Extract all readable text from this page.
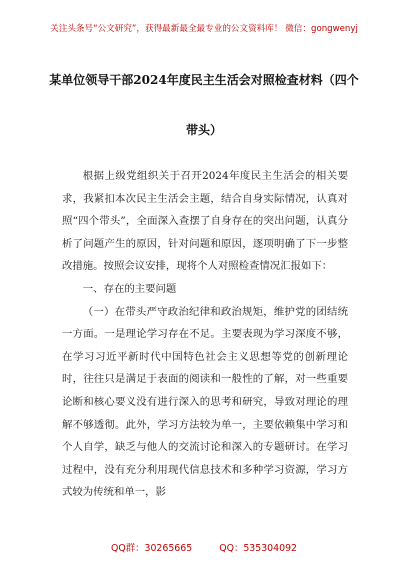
关注头条号“公文研究”，获得最新最全最专业的公文资料库！ 微信：gongwenyj
某单位领导干部2024年度民主生活会对照检查材料（四个
带头）

根据上级党组织关于召开2024年度民主生活会的相关要求，我紧扣本次民主生活会主题，结合自身实际情况，认真对照“四个带头”，全面深入查摆了自身存在的突出问题，认真分析了问题产生的原因，针对问题和原因，逐项明确了下一步整改措施。按照会议安排，现将个人对照检查情况汇报如下：

一、存在的主要问题

（一）在带头严守政治纪律和政治规矩，维护党的团结统一方面。一是理论学习存在不足。主要表现为学习深度不够，在学习习近平新时代中国特色社会主义思想等党的创新理论时，往往只是满足于表面的阅读和一般性的了解，对一些重要论断和核心要义没有进行深入的思考和研究，导致对理论的理解不够透彻。此外，学习方法较为单一，主要依赖集中学习和个人自学，缺乏与他人的交流讨论和深入的专题研讨。在学习过程中，没有充分利用现代信息技术和多种学习资源，学习方式较为传统和单一，影

QQ群：30265665	QQ：535304092
